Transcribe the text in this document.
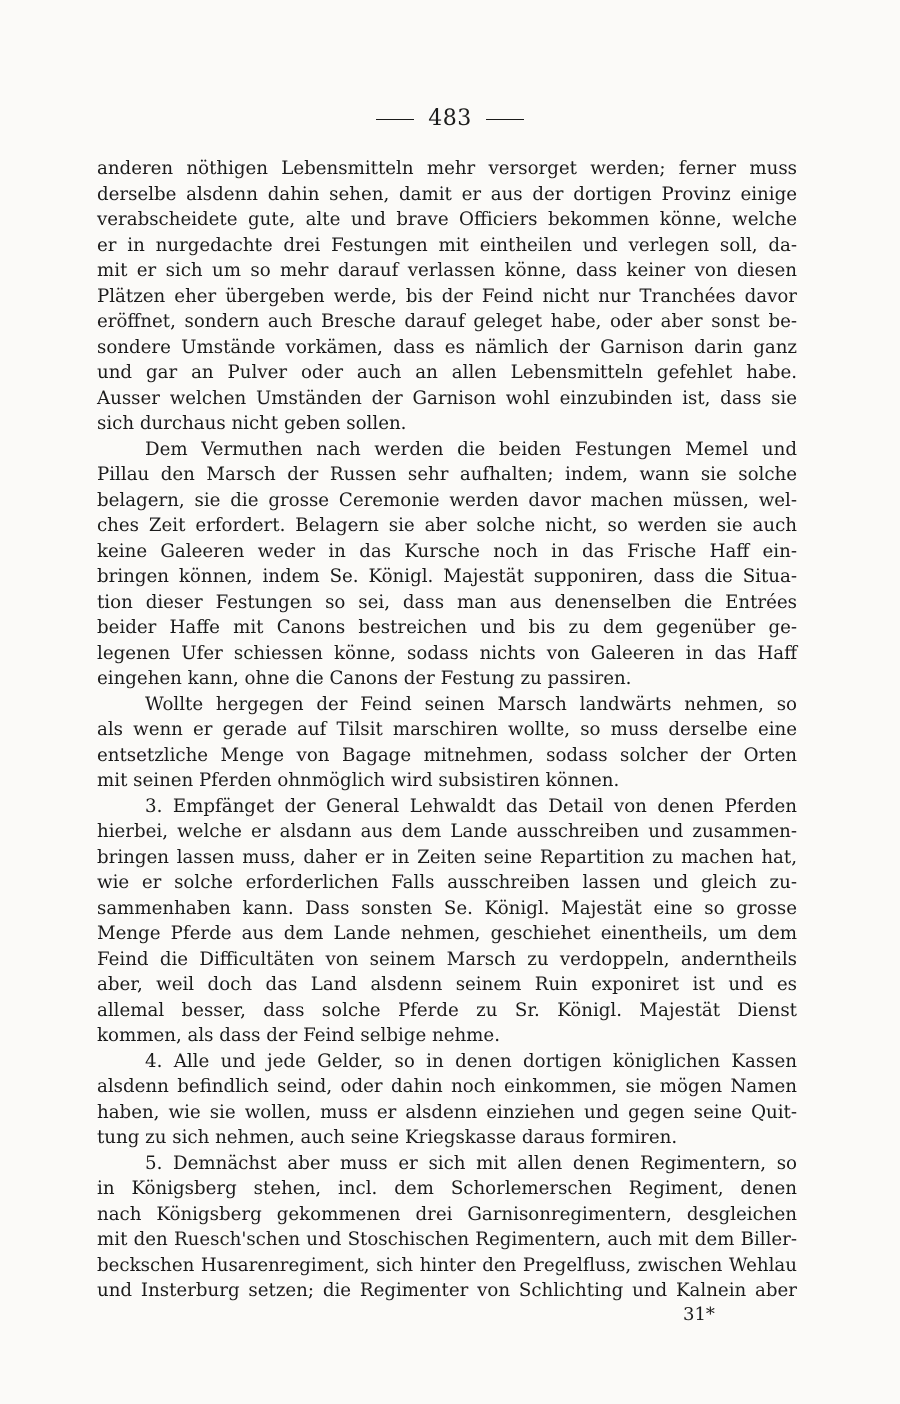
483
anderen nöthigen Lebensmitteln mehr versorget werden; ferner muss
derselbe alsdenn dahin sehen, damit er aus der dortigen Provinz einige
verabscheidete gute, alte und brave Officiers bekommen könne, welche
er in nurgedachte drei Festungen mit eintheilen und verlegen soll, da-
mit er sich um so mehr darauf verlassen könne, dass keiner von diesen
Plätzen eher übergeben werde, bis der Feind nicht nur Tranchées davor
eröffnet, sondern auch Bresche darauf geleget habe, oder aber sonst be-
sondere Umstände vorkämen, dass es nämlich der Garnison darin ganz
und gar an Pulver oder auch an allen Lebensmitteln gefehlet habe.
Ausser welchen Umständen der Garnison wohl einzubinden ist, dass sie
sich durchaus nicht geben sollen.
Dem Vermuthen nach werden die beiden Festungen Memel und
Pillau den Marsch der Russen sehr aufhalten; indem, wann sie solche
belagern, sie die grosse Ceremonie werden davor machen müssen, wel-
ches Zeit erfordert. Belagern sie aber solche nicht, so werden sie auch
keine Galeeren weder in das Kursche noch in das Frische Haff ein-
bringen können, indem Se. Königl. Majestät supponiren, dass die Situa-
tion dieser Festungen so sei, dass man aus denenselben die Entrées
beider Haffe mit Canons bestreichen und bis zu dem gegenüber ge-
legenen Ufer schiessen könne, sodass nichts von Galeeren in das Haff
eingehen kann, ohne die Canons der Festung zu passiren.
Wollte hergegen der Feind seinen Marsch landwärts nehmen, so
als wenn er gerade auf Tilsit marschiren wollte, so muss derselbe eine
entsetzliche Menge von Bagage mitnehmen, sodass solcher der Orten
mit seinen Pferden ohnmöglich wird subsistiren können.
3. Empfänget der General Lehwaldt das Detail von denen Pferden
hierbei, welche er alsdann aus dem Lande ausschreiben und zusammen-
bringen lassen muss, daher er in Zeiten seine Repartition zu machen hat,
wie er solche erforderlichen Falls ausschreiben lassen und gleich zu-
sammenhaben kann. Dass sonsten Se. Königl. Majestät eine so grosse
Menge Pferde aus dem Lande nehmen, geschiehet einentheils, um dem
Feind die Difficultäten von seinem Marsch zu verdoppeln, anderntheils
aber, weil doch das Land alsdenn seinem Ruin exponiret ist und es
allemal besser, dass solche Pferde zu Sr. Königl. Majestät Dienst
kommen, als dass der Feind selbige nehme.
4. Alle und jede Gelder, so in denen dortigen königlichen Kassen
alsdenn befindlich seind, oder dahin noch einkommen, sie mögen Namen
haben, wie sie wollen, muss er alsdenn einziehen und gegen seine Quit-
tung zu sich nehmen, auch seine Kriegskasse daraus formiren.
5. Demnächst aber muss er sich mit allen denen Regimentern, so
in Königsberg stehen, incl. dem Schorlemerschen Regiment, denen
nach Königsberg gekommenen drei Garnisonregimentern, desgleichen
mit den Ruesch'schen und Stoschischen Regimentern, auch mit dem Biller-
beckschen Husarenregiment, sich hinter den Pregelfluss, zwischen Wehlau
und Insterburg setzen; die Regimenter von Schlichting und Kalnein aber
31*
